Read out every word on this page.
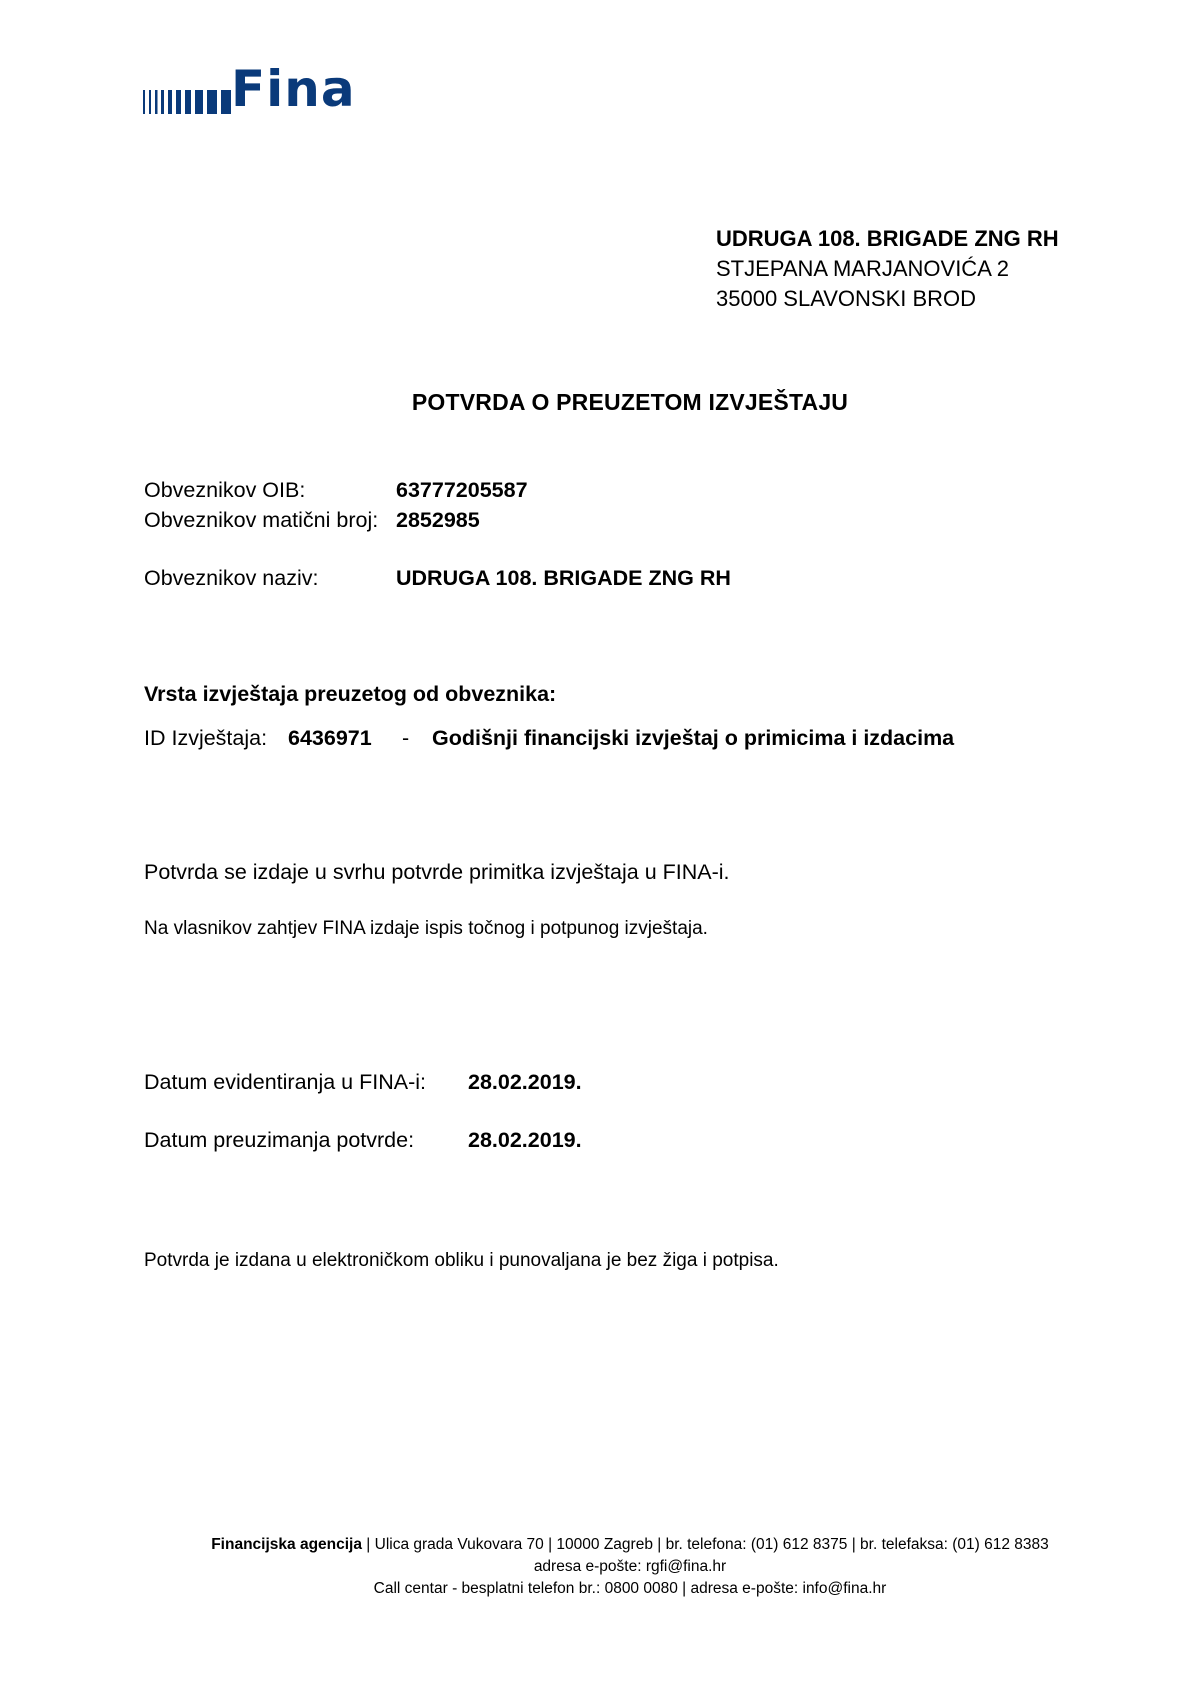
Fina
UDRUGA 108. BRIGADE ZNG RH
STJEPANA MARJANOVIĆA 2
35000 SLAVONSKI BROD
POTVRDA O PREUZETOM IZVJEŠTAJU
Obveznikov OIB:	63777205587
Obveznikov matični broj: 2852985
Obveznikov naziv:	UDRUGA 108. BRIGADE ZNG RH
Vrsta izvještaja preuzetog od obveznika:
ID Izvještaja: 6436971 - Godišnji financijski izvještaj o primicima i izdacima
Potvrda se izdaje u svrhu potvrde primitka izvještaja u FINA-i.
Na vlasnikov zahtjev FINA izdaje ispis točnog i potpunog izvještaja.
Datum evidentiranja u FINA-i: 28.02.2019.
Datum preuzimanja potvrde:	28.02.2019.
Potvrda je izdana u elektroničkom obliku i punovaljana je bez žiga i potpisa.
Financijska agencija | Ulica grada Vukovara 70 | 10000 Zagreb | br. telefona: (01) 612 8375 | br. telefaksa: (01) 612 8383
adresa e-pošte: rgfi@fina.hr
Call centar - besplatni telefon br.: 0800 0080 | adresa e-pošte: info@fina.hr
